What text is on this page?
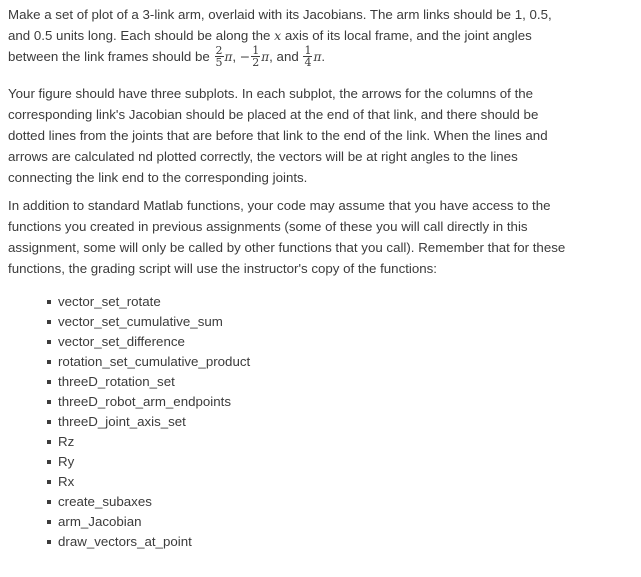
Make a set of plot of a 3-link arm, overlaid with its Jacobians. The arm links should be 1, 0.5,
and 0.5 units long. Each should be along the x axis of its local frame, and the joint angles
between the link frames should be $\frac{2}{5} \pi$, − $\frac{1}{2} \pi$, and $\frac{1}{4} \pi$.

Your figure should have three subplots. In each subplot, the arrows for the columns of the
corresponding link's Jacobian should be placed at the end of that link, and there should be
dotted lines from the joints that are before that link to the end of the link. When the lines and
arrows are calculated nd plotted correctly, the vectors will be at right angles to the lines
connecting the link end to the corresponding joints.

In addition to standard Matlab functions, your code may assume that you have access to the
functions you created in previous assignments (some of these you will call directly in this
assignment, some will only be called by other functions that you call). Remember that for these
functions, the grading script will use the instructor's copy of the functions:

vector_set_rotate
vector_set_cumulative_sum
vector_set_difference
rotation_set_cumulative_product
threeD_rotation_set
threeD_robot_arm_endpoints
threeD_joint_axis_set
Rz
Ry
Rx
create_subaxes
arm_Jacobian
draw_vectors_at_point
